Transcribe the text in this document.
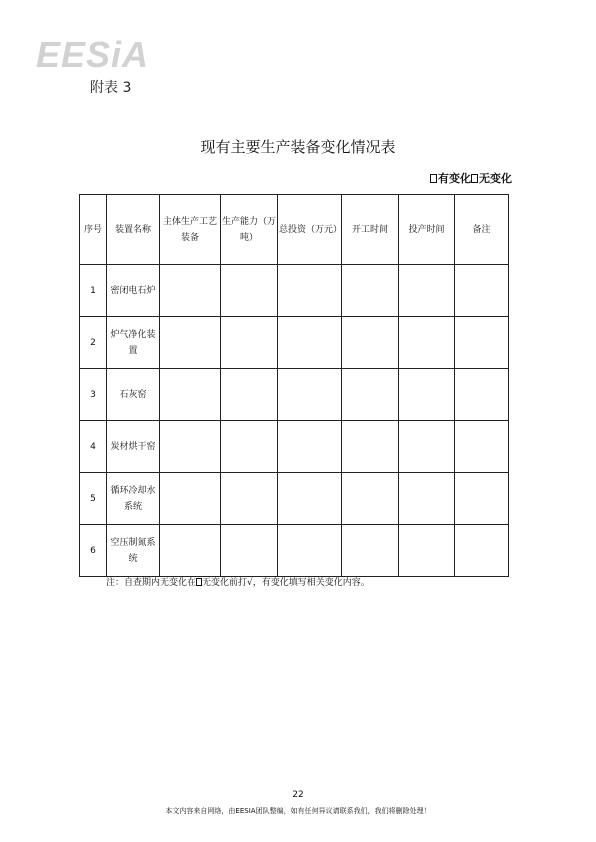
EESiA
附表 3
现有主要生产装备变化情况表
有变化 无变化
序号	装置名称	主体生产工艺装备	生产能力（万吨）	总投资（万元）	开工时间	投产时间	备注
1	密闭电石炉						
2	炉气净化装置						
3	石灰窑						
4	炭材烘干窑						
5	循环冷却水系统						
6	空压制氮系统						
注：自查期内无变化在 无变化前打√，有变化填写相关变化内容。
22
本文内容来自网络，由EESIA团队整编，如有任何异议请联系我们，我们将删除处理！
